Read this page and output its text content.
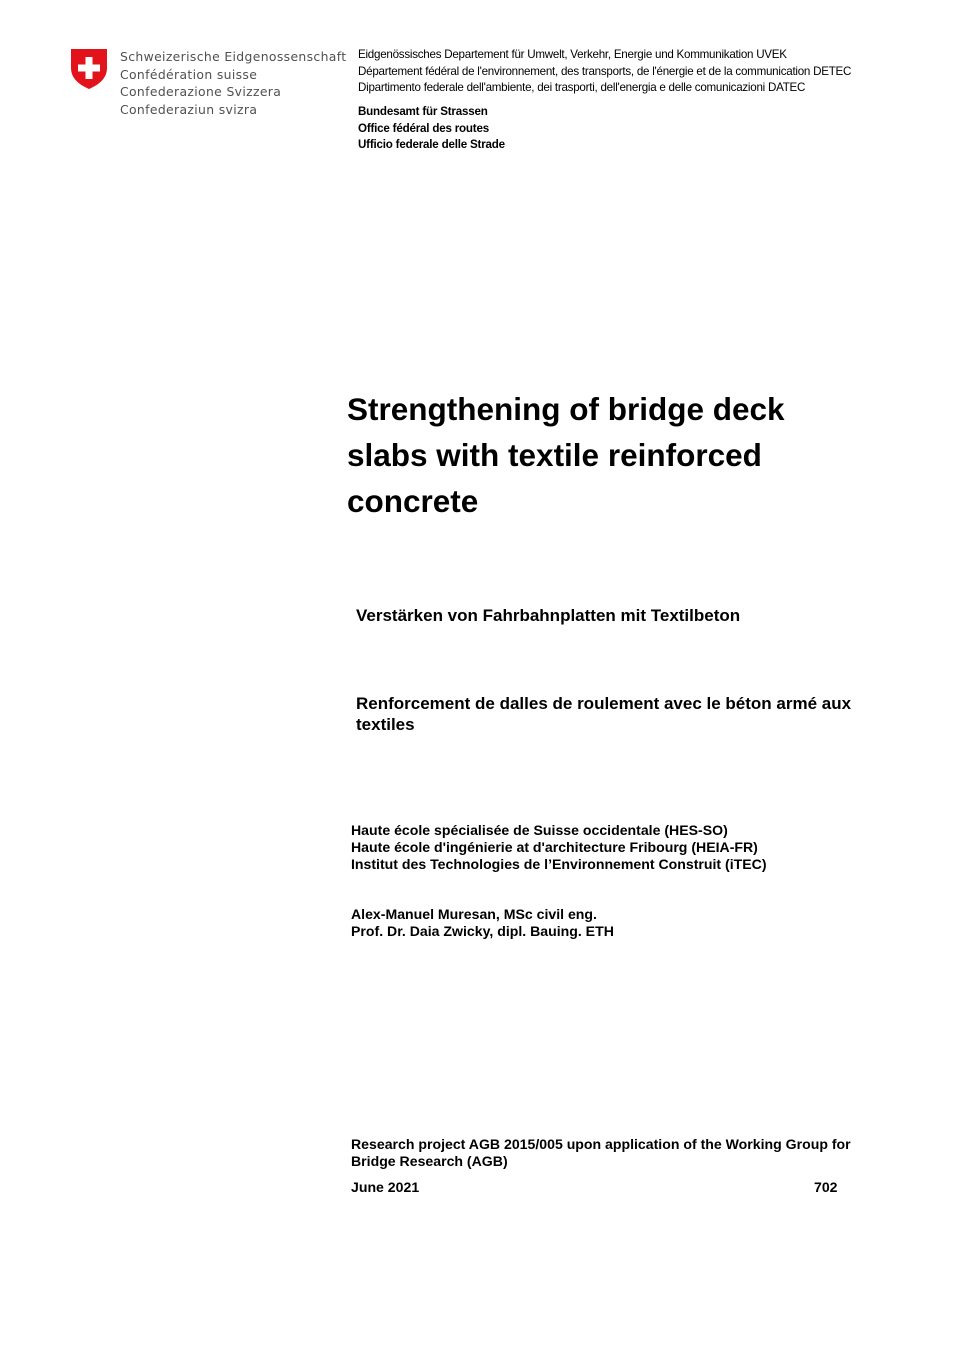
Schweizerische Eidgenossenschaft
Confédération suisse
Confederazione Svizzera
Confederaziun svizra
Eidgenössisches Departement für Umwelt, Verkehr, Energie und Kommunikation UVEK
Département fédéral de l'environnement, des transports, de l'énergie et de la communication DETEC
Dipartimento federale dell'ambiente, dei trasporti, dell'energia e delle comunicazioni DATEC
Bundesamt für Strassen
Office fédéral des routes
Ufficio federale delle Strade
Strengthening of bridge deck
slabs with textile reinforced
concrete
Verstärken von Fahrbahnplatten mit Textilbeton
Renforcement de dalles de roulement avec le béton armé aux textiles
Haute école spécialisée de Suisse occidentale (HES-SO)
Haute école d'ingénierie at d'architecture Fribourg (HEIA-FR)
Institut des Technologies de l’Environnement Construit (iTEC)
Alex-Manuel Muresan, MSc civil eng.
Prof. Dr. Daia Zwicky, dipl. Bauing. ETH
Research project AGB 2015/005 upon application of the Working Group for Bridge Research (AGB)
June 2021	702
